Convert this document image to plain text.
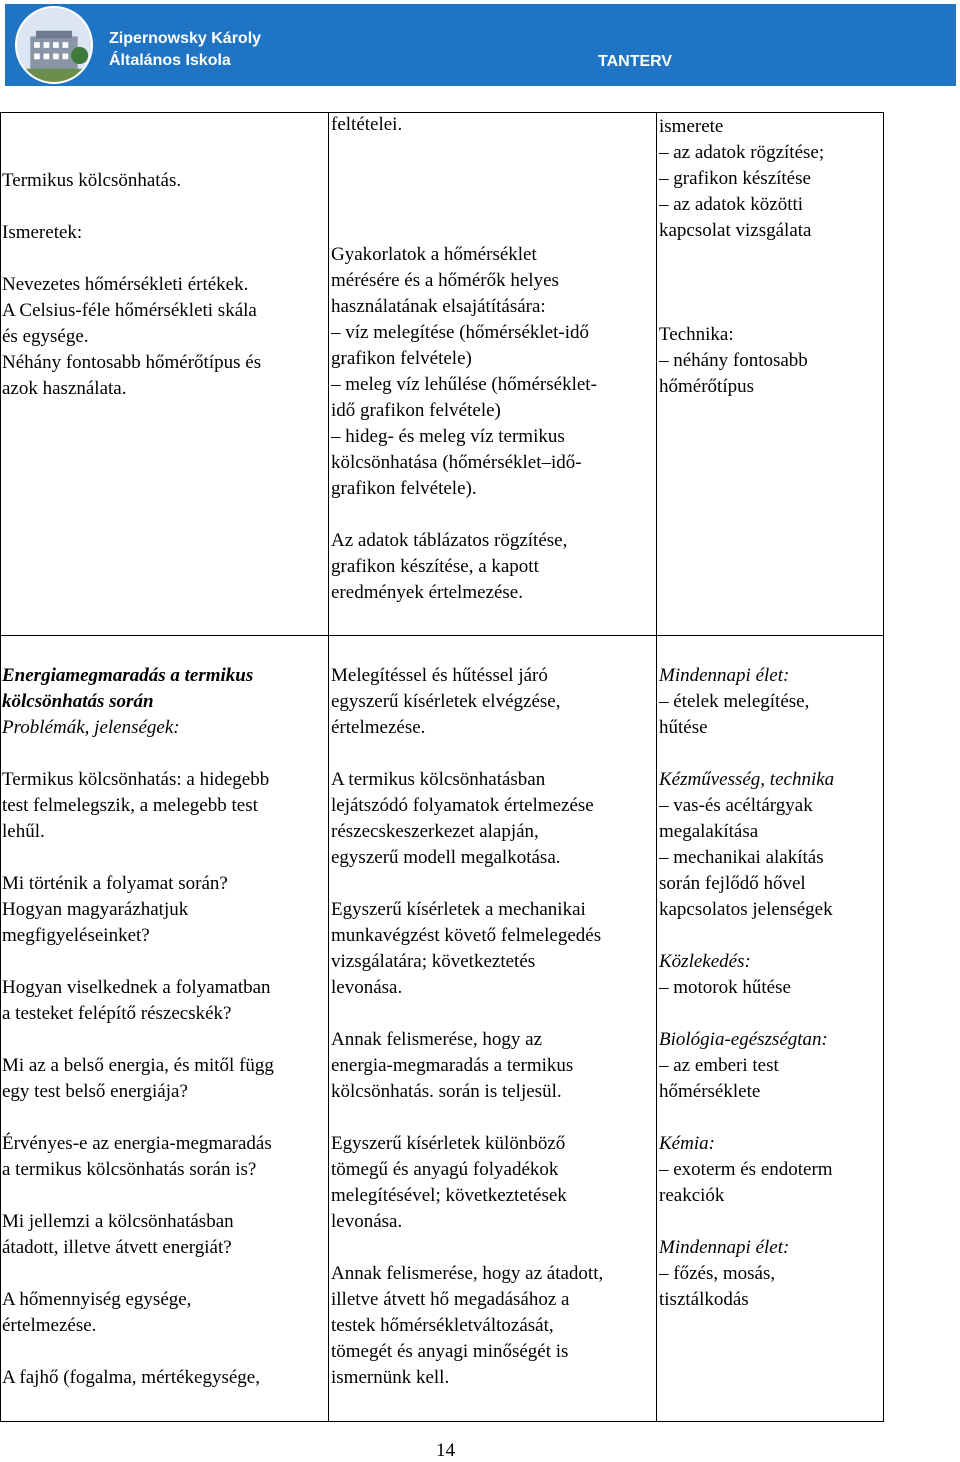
Zipernowsky Károly
Általános Iskola	TANTERV
Termikus kölcsönhatás.

Ismeretek:

Nevezetes hőmérsékleti értékek.
A Celsius-féle hőmérsékleti skála
és egysége.
Néhány fontosabb hőmérőtípus és
azok használata.
feltételei.

Gyakorlatok a hőmérséklet
mérésére és a hőmérők helyes
használatának elsajátítására:
– víz melegítése (hőmérséklet-idő
grafikon felvétele)
– meleg víz lehűlése (hőmérséklet-
idő grafikon felvétele)
– hideg- és meleg víz termikus
kölcsönhatása (hőmérséklet–idő-
grafikon felvétele).

Az adatok táblázatos rögzítése,
grafikon készítése, a kapott
eredmények értelmezése.
ismerete
– az adatok rögzítése;
– grafikon készítése
– az adatok közötti
kapcsolat vizsgálata

Technika:
– néhány fontosabb
hőmérőtípus
Energiamegmaradás a termikus
kölcsönhatás során
Problémák, jelenségek:

Termikus kölcsönhatás: a hidegebb
test felmelegszik, a melegebb test
lehűl.

Mi történik a folyamat során?
Hogyan magyarázhatjuk
megfigyeléseinket?

Hogyan viselkednek a folyamatban
a testeket felépítő részecskék?

Mi az a belső energia, és mitől függ
egy test belső energiája?

Érvényes-e az energia-megmaradás
a termikus kölcsönhatás során is?

Mi jellemzi a kölcsönhatásban
átadott, illetve átvett energiát?

A hőmennyiség egysége,
értelmezése.

A fajhő (fogalma, mértékegysége,
Melegítéssel és hűtéssel járó
egyszerű kísérletek elvégzése,
értelmezése.

A termikus kölcsönhatásban
lejátszódó folyamatok értelmezése
részecskeszerkezet alapján,
egyszerű modell megalkotása.

Egyszerű kísérletek a mechanikai
munkavégzést követő felmelegedés
vizsgálatára; következtetés
levonása.

Annak felismerése, hogy az
energia-megmaradás a termikus
kölcsönhatás. során is teljesül.

Egyszerű kísérletek különböző
tömegű és anyagú folyadékok
melegítésével; következtetések
levonása.

Annak felismerése, hogy az átadott,
illetve átvett hő megadásához a
testek hőmérsékletváltozását,
tömegét és anyagi minőségét is
ismernünk kell.
Mindennapi élet:
– ételek melegítése,
hűtése

Kézművesség, technika
– vas-és acéltárgyak
megalakítása
– mechanikai alakítás
során fejlődő hővel
kapcsolatos jelenségek

Közlekedés:
– motorok hűtése

Biológia-egészségtan:
– az emberi test
hőmérséklete

Kémia:
– exoterm és endoterm
reakciók

Mindennapi élet:
– főzés, mosás,
tisztálkodás
14
